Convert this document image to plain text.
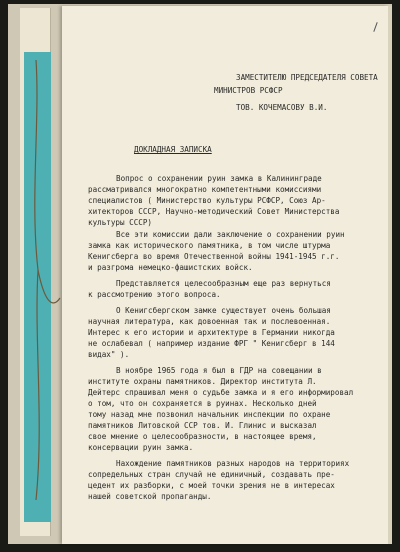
ЗАМЕСТИТЕЛЮ ПРЕДСЕДАТЕЛЯ СОВЕТА
МИНИСТРОВ РСФСР
ТОВ. КОЧЕМАСОВУ В.И.
ДОКЛАДНАЯ ЗАПИСКА
Вопрос о сохранении руин замка в Калининграде
рассматривался многократно компетентными комиссиями
специалистов ( Министерство культуры РСФСР, Союз Ар-
хитекторов СССР, Научно-методический Совет Министерства
культуры СССР)
Все эти комиссии дали заключение о сохранении руин
замка как исторического памятника, в том числе штурма
Кенигсберга во время Отечественной войны 1941-1945 г.г.
и разгрома немецко-фашистских войск.
Представляется целесообразным еще раз вернуться
к рассмотрению этого вопроса.
О Кенигсбергском замке существует очень большая
научная литература, как довоенная так и послевоенная.
Интерес к его истории и архитектуре в Германии никогда
не ослабевал ( например издание ФРГ " Кенигсберг в 144
видах" ).
В ноябре 1965 года я был в ГДР на совещании в
институте охраны памятников. Директор института Л.
Дейтерс спрашивал меня о судьбе замка и я его информировал
о том, что он сохраняется в руинах. Несколько дней
тому назад мне позвонил начальник инспекции по охране
памятников Литовской ССР тов. И. Глинис и высказал
свое мнение о целесообразности, в настоящее время,
консервации руин замка.
Нахождение памятников разных народов на территориях
сопредельных стран случай не единичный, создавать пре-
цедент их разборки, с моей точки зрения не в интересах
нашей советской пропаганды.
